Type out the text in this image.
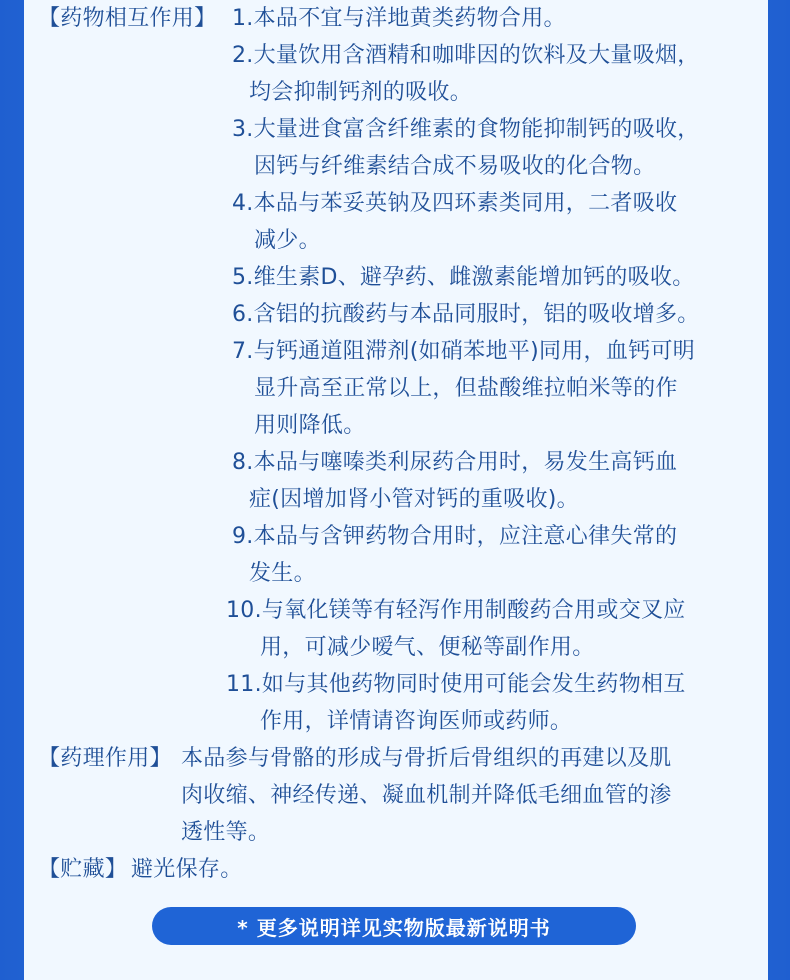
【药物相互作用】 1.本品不宜与洋地黄类药物合用。
2.大量饮用含酒精和咖啡因的饮料及大量吸烟，
均会抑制钙剂的吸收。
3.大量进食富含纤维素的食物能抑制钙的吸收，
因钙与纤维素结合成不易吸收的化合物。
4.本品与苯妥英钠及四环素类同用，二者吸收
减少。
5.维生素D、避孕药、雌激素能增加钙的吸收。
6.含铝的抗酸药与本品同服时，铝的吸收增多。
7.与钙通道阻滞剂(如硝苯地平)同用，血钙可明
显升高至正常以上，但盐酸维拉帕米等的作
用则降低。
8.本品与噻嗪类利尿药合用时，易发生高钙血
症(因增加肾小管对钙的重吸收)。
9.本品与含钾药物合用时，应注意心律失常的
发生。
10.与氧化镁等有轻泻作用制酸药合用或交叉应
用，可减少嗳气、便秘等副作用。
11.如与其他药物同时使用可能会发生药物相互
作用，详情请咨询医师或药师。
【药理作用】 本品参与骨骼的形成与骨折后骨组织的再建以及肌
肉收缩、神经传递、凝血机制并降低毛细血管的渗
透性等。
【贮藏】 避光保存。
* 更多说明详见实物版最新说明书
